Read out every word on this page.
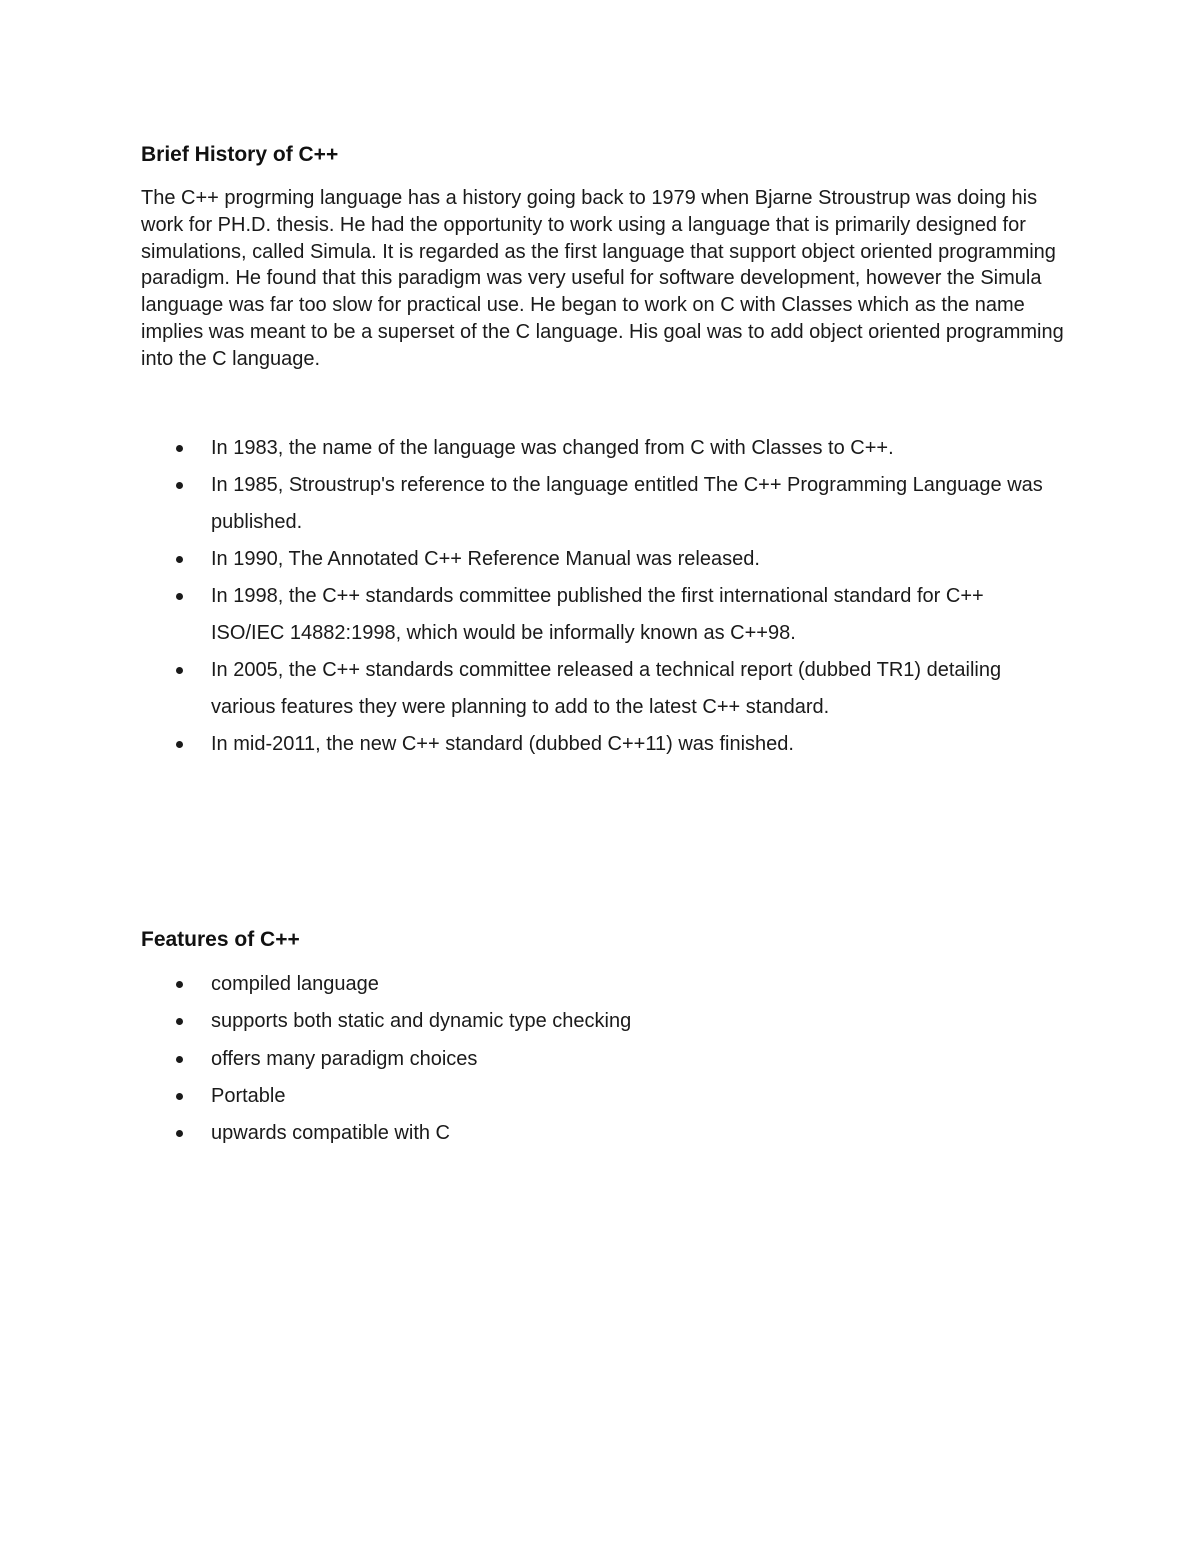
Brief History of C++

The C++ progrming language has a history going back to 1979 when Bjarne Stroustrup was doing his work for PH.D. thesis. He had the opportunity to work using a language that is primarily designed for simulations, called Simula. It is regarded as the first language that support object oriented programming paradigm. He found that this paradigm was very useful for software development, however the Simula language was far too slow for practical use. He began to work on C with Classes which as the name implies was meant to be a superset of the C language. His goal was to add object oriented programming into the C language.

In 1983, the name of the language was changed from C with Classes to C++.
In 1985, Stroustrup's reference to the language entitled The C++ Programming Language was published.
In 1990, The Annotated C++ Reference Manual was released.
In 1998, the C++ standards committee published the first international standard for C++ ISO/IEC 14882:1998, which would be informally known as C++98.
In 2005, the C++ standards committee released a technical report (dubbed TR1) detailing various features they were planning to add to the latest C++ standard.
In mid-2011, the new C++ standard (dubbed C++11) was finished.
Features of C++
compiled language
supports both static and dynamic type checking
offers many paradigm choices
Portable
upwards compatible with C
